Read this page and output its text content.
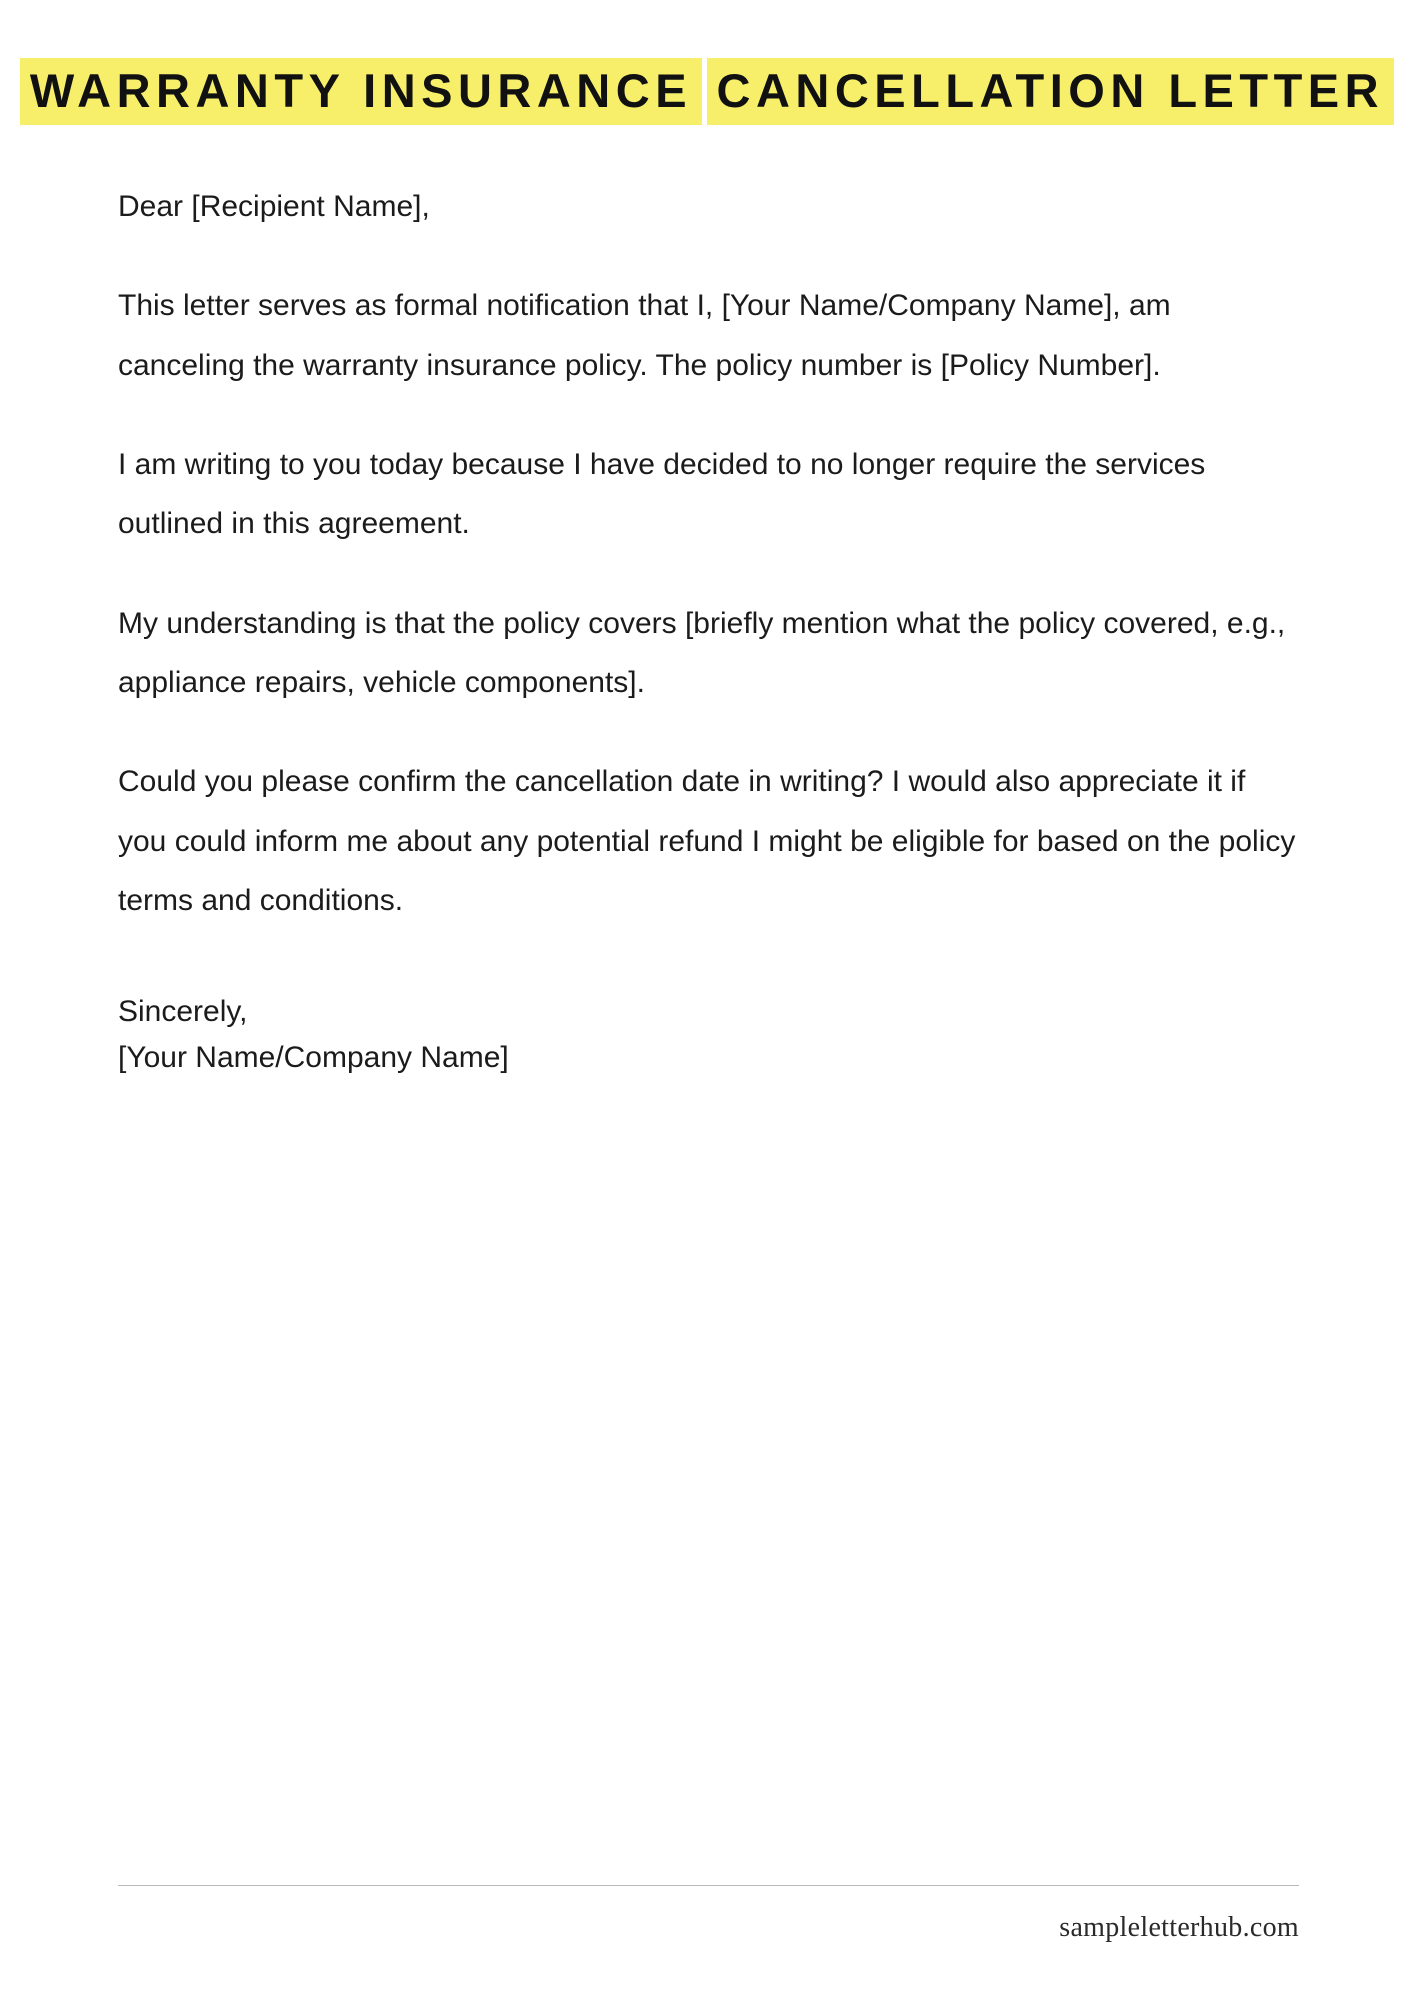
WARRANTY INSURANCE CANCELLATION LETTER

Dear [Recipient Name],

This letter serves as formal notification that I, [Your Name/Company Name], am canceling the warranty insurance policy. The policy number is [Policy Number].

I am writing to you today because I have decided to no longer require the services outlined in this agreement.

My understanding is that the policy covers [briefly mention what the policy covered, e.g., appliance repairs, vehicle components].

Could you please confirm the cancellation date in writing? I would also appreciate it if you could inform me about any potential refund I might be eligible for based on the policy terms and conditions.

Sincerely,

[Your Name/Company Name]

sampleletterhub.com
